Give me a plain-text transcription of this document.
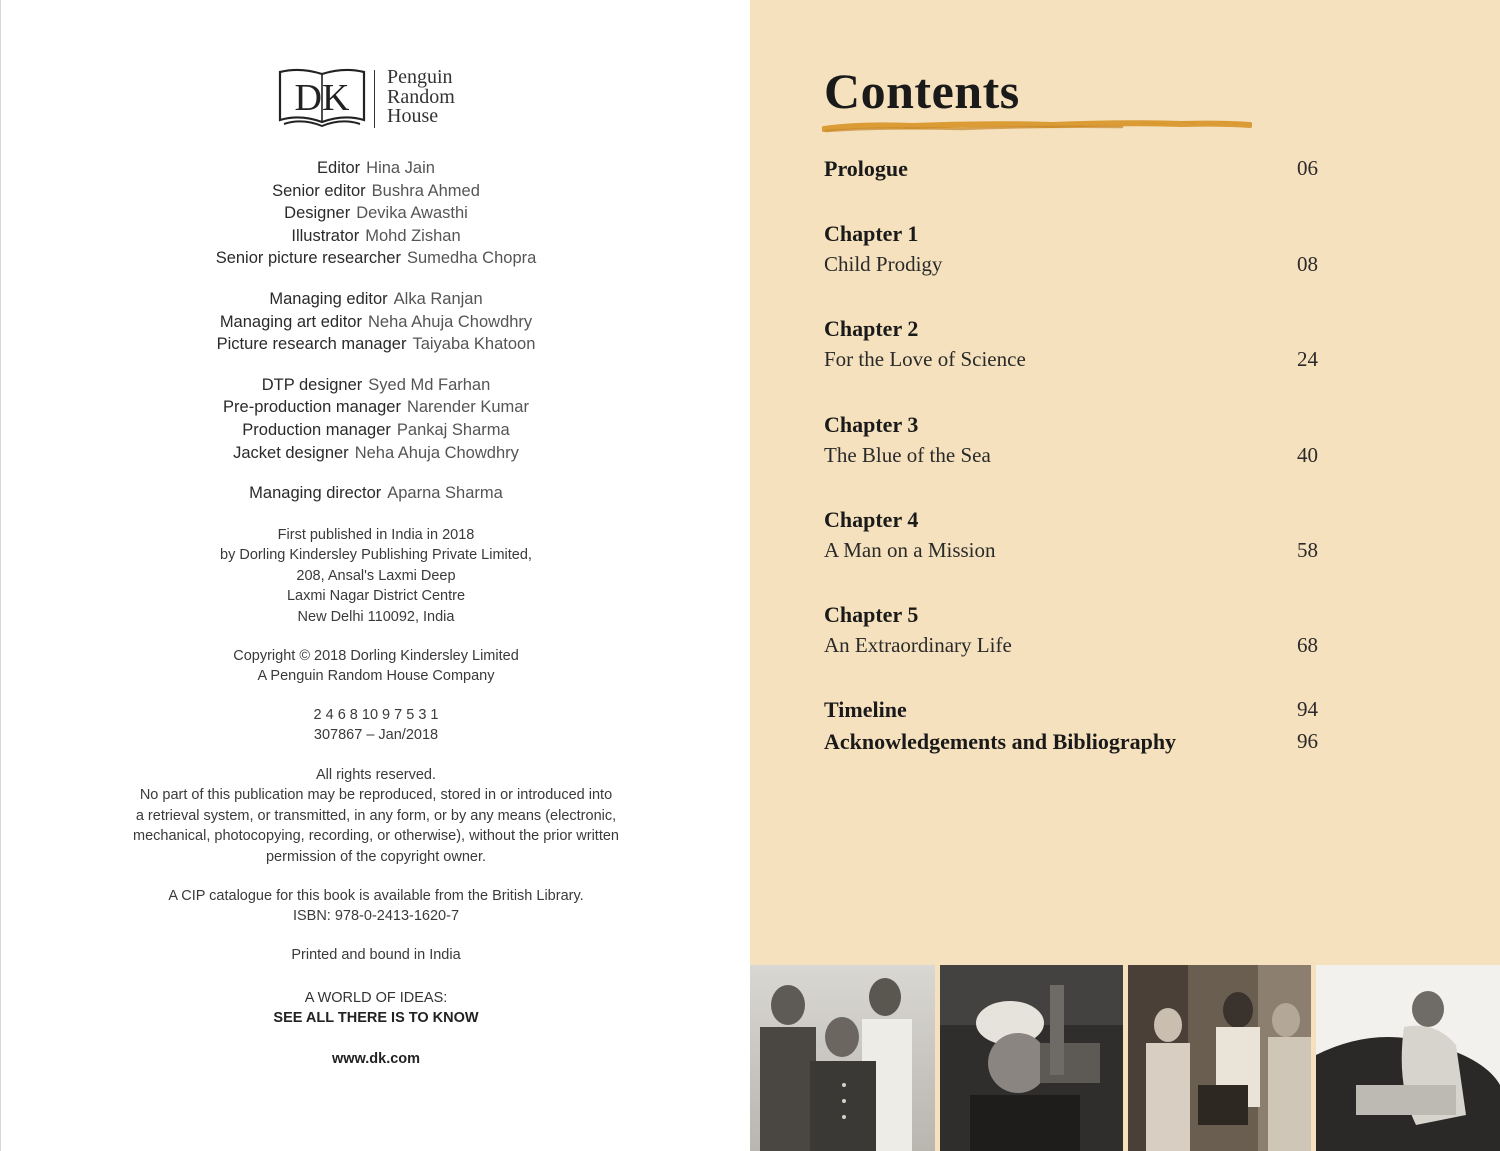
DK Penguin
Random
House
Editor Hina Jain
Senior editor Bushra Ahmed
Designer Devika Awasthi
Illustrator Mohd Zishan
Senior picture researcher Sumedha Chopra
Managing editor Alka Ranjan
Managing art editor Neha Ahuja Chowdhry
Picture research manager Taiyaba Khatoon
DTP designer Syed Md Farhan
Pre-production manager Narender Kumar
Production manager Pankaj Sharma
Jacket designer Neha Ahuja Chowdhry
Managing director Aparna Sharma
First published in India in 2018
by Dorling Kindersley Publishing Private Limited,
208, Ansal's Laxmi Deep
Laxmi Nagar District Centre
New Delhi 110092, India
Copyright © 2018 Dorling Kindersley Limited
A Penguin Random House Company
2 4 6 8 10 9 7 5 3 1
307867 – Jan/2018
All rights reserved.
No part of this publication may be reproduced, stored in or introduced into
a retrieval system, or transmitted, in any form, or by any means (electronic,
mechanical, photocopying, recording, or otherwise), without the prior written
permission of the copyright owner.
A CIP catalogue for this book is available from the British Library.
ISBN: 978-0-2413-1620-7
Printed and bound in India
A WORLD OF IDEAS:
SEE ALL THERE IS TO KNOW
www.dk.com
Contents
Prologue	06
Chapter 1
Child Prodigy	08
Chapter 2
For the Love of Science	24
Chapter 3
The Blue of the Sea	40
Chapter 4
A Man on a Mission	58
Chapter 5
An Extraordinary Life	68
Timeline	94
Acknowledgements and Bibliography	96
